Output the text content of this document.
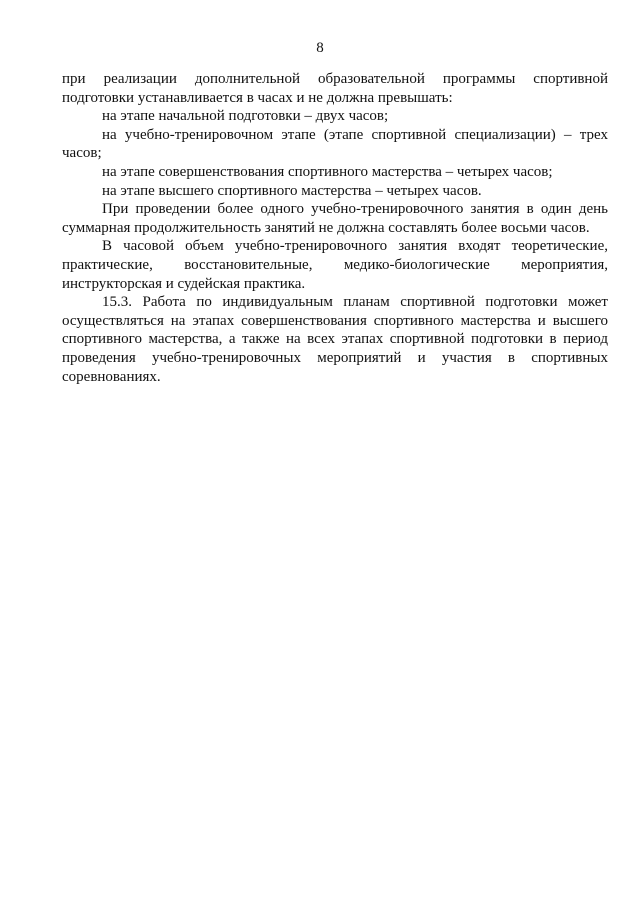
8

при реализации дополнительной образовательной программы спортивной подготовки устанавливается в часах и не должна превышать:

на этапе начальной подготовки – двух часов;

на учебно-тренировочном этапе (этапе спортивной специализации) – трех часов;

на этапе совершенствования спортивного мастерства – четырех часов;

на этапе высшего спортивного мастерства – четырех часов.

При проведении более одного учебно-тренировочного занятия в один день суммарная продолжительность занятий не должна составлять более восьми часов.

В часовой объем учебно-тренировочного занятия входят теоретические, практические, восстановительные, медико-биологические мероприятия, инструкторская и судейская практика.

15.3. Работа по индивидуальным планам спортивной подготовки может осуществляться на этапах совершенствования спортивного мастерства и высшего спортивного мастерства, а также на всех этапах спортивной подготовки в период проведения учебно-тренировочных мероприятий и участия в спортивных соревнованиях.
